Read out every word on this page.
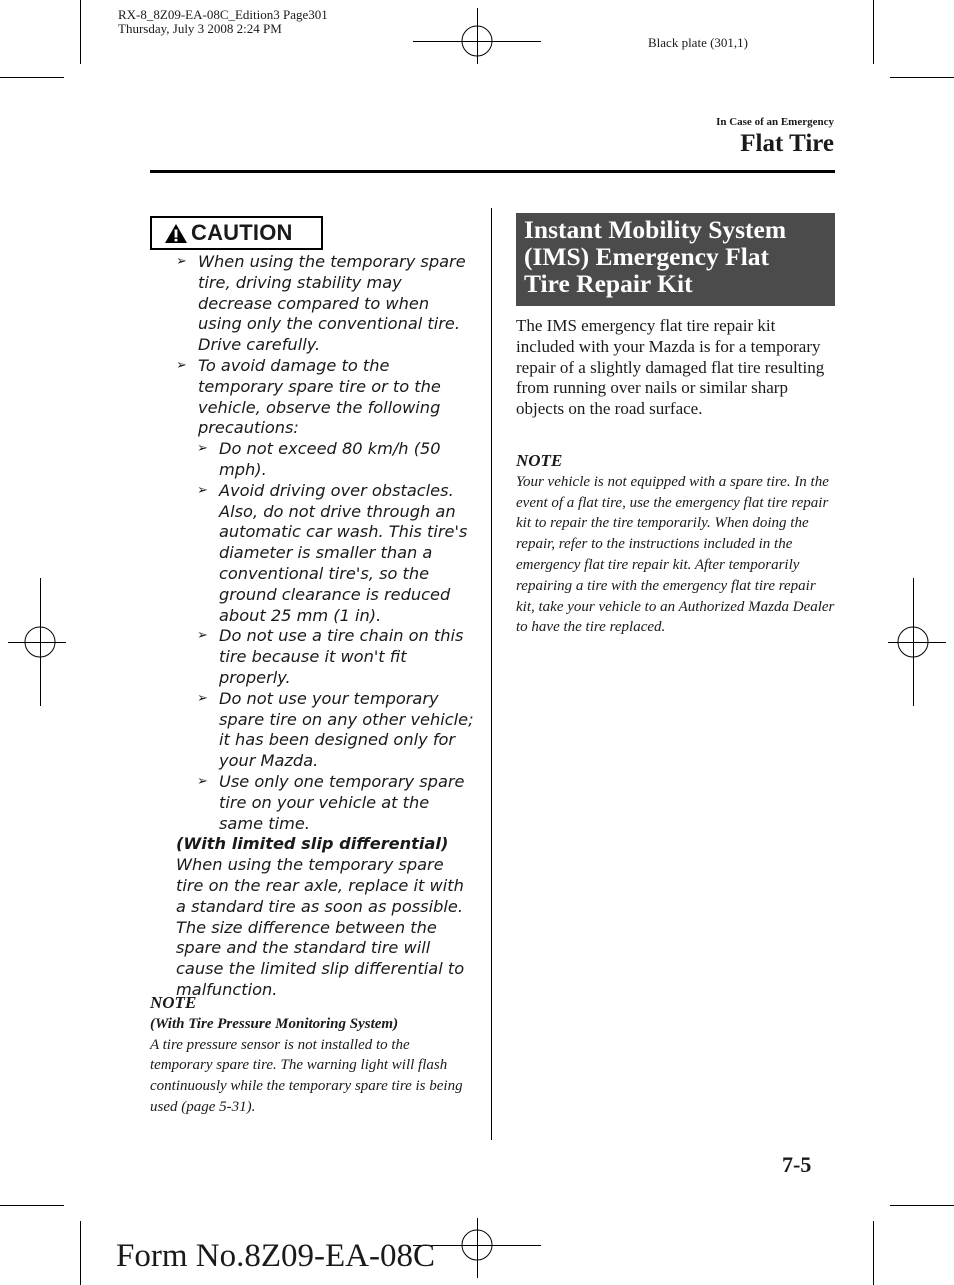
RX-8_8Z09-EA-08C_Edition3 Page301
Thursday, July 3 2008 2:24 PM
Black plate (301,1)
In Case of an Emergency
Flat Tire
CAUTION
➢ When using the temporary spare tire, driving stability may decrease compared to when using only the conventional tire.
Drive carefully.
➢ To avoid damage to the temporary spare tire or to the vehicle, observe the following precautions:
➢ Do not exceed 80 km/h (50 mph).
➢ Avoid driving over obstacles. Also, do not drive through an automatic car wash. This tire's diameter is smaller than a conventional tire's, so the ground clearance is reduced about 25 mm (1 in).
➢ Do not use a tire chain on this tire because it won't fit properly.
➢ Do not use your temporary spare tire on any other vehicle; it has been designed only for your Mazda.
➢ Use only one temporary spare tire on your vehicle at the same time.
(With limited slip differential)
When using the temporary spare tire on the rear axle, replace it with a standard tire as soon as possible. The size difference between the spare and the standard tire will cause the limited slip differential to malfunction.
NOTE
(With Tire Pressure Monitoring System)
A tire pressure sensor is not installed to the temporary spare tire. The warning light will flash continuously while the temporary spare tire is being used (page 5-31).
Instant Mobility System
(IMS) Emergency Flat
Tire Repair Kit
The IMS emergency flat tire repair kit included with your Mazda is for a temporary repair of a slightly damaged flat tire resulting from running over nails or similar sharp objects on the road surface.
NOTE
Your vehicle is not equipped with a spare tire. In the event of a flat tire, use the emergency flat tire repair kit to repair the tire temporarily. When doing the repair, refer to the instructions included in the emergency flat tire repair kit. After temporarily repairing a tire with the emergency flat tire repair kit, take your vehicle to an Authorized Mazda Dealer to have the tire replaced.
7-5
Form No.8Z09-EA-08C
